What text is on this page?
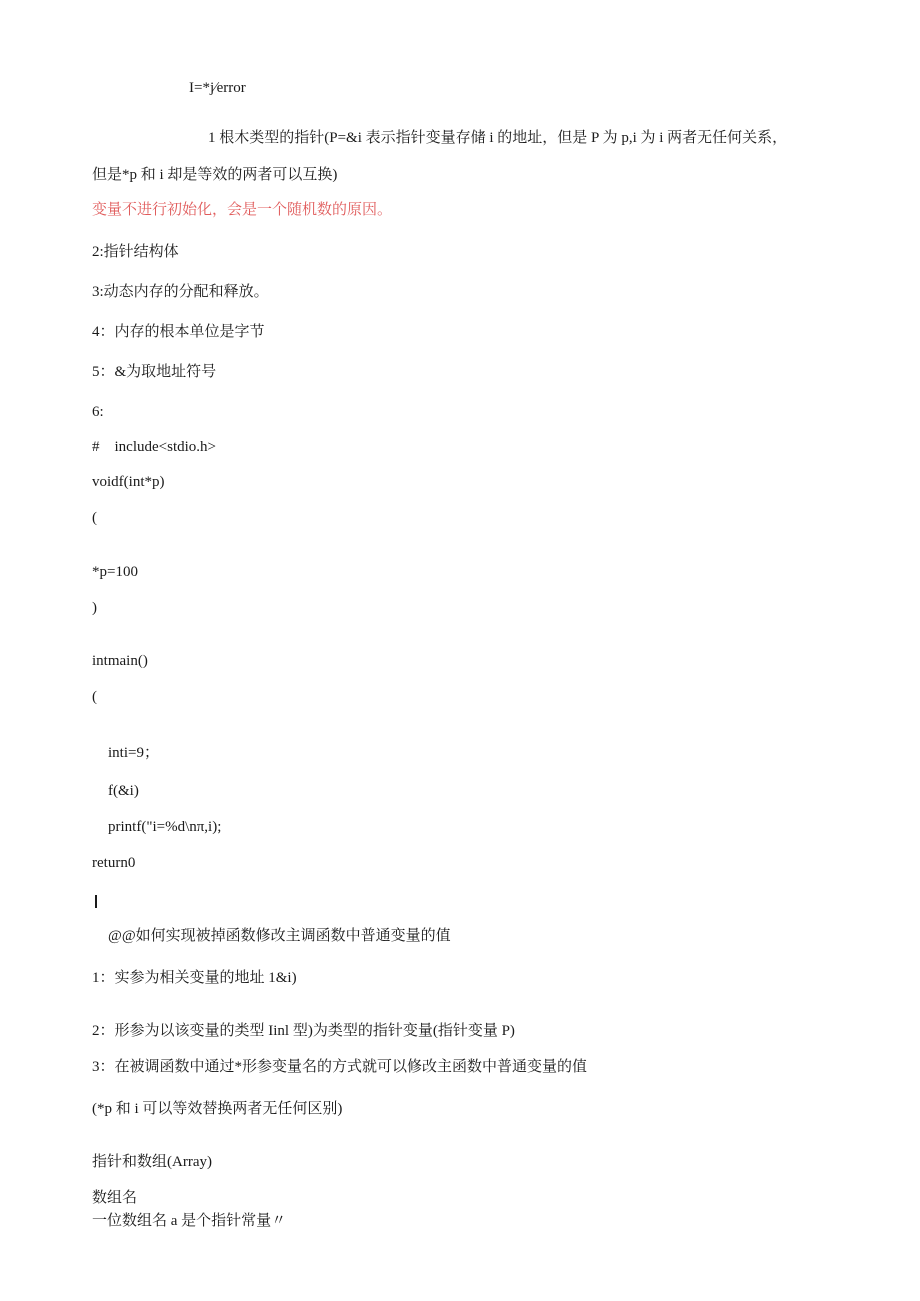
I=*j∕error
1 根木类型的指针(P=&i 表示指针变量存储 i 的地址，但是 P 为 p,i 为 i 两者无任何关系，
但是*p 和 i 却是等效的两者可以互换)
变量不进行初始化，会是一个随机数的原因。
2:指针结构体
3:动态内存的分配和释放。
4：内存的根本单位是字节
5：&为取地址符号
6:
#    include<stdio.h>
voidf(int*p)
(
*p=100
)
intmain()
(
inti=9；
f(&i)
printf("i=%d\nπ,i);
return0
@@如何实现被掉函数修改主调函数中普通变量的值
1：实参为相关变量的地址 1&i)
2：形参为以该变量的类型 Iinl 型)为类型的指针变量(指针变量 P)
3：在被调函数中通过*形参变量名的方式就可以修改主函数中普通变量的值
(*p 和 i 可以等效替换两者无任何区别)
指针和数组(Array)
数组名
一位数组名 a 是个指针常量〃
